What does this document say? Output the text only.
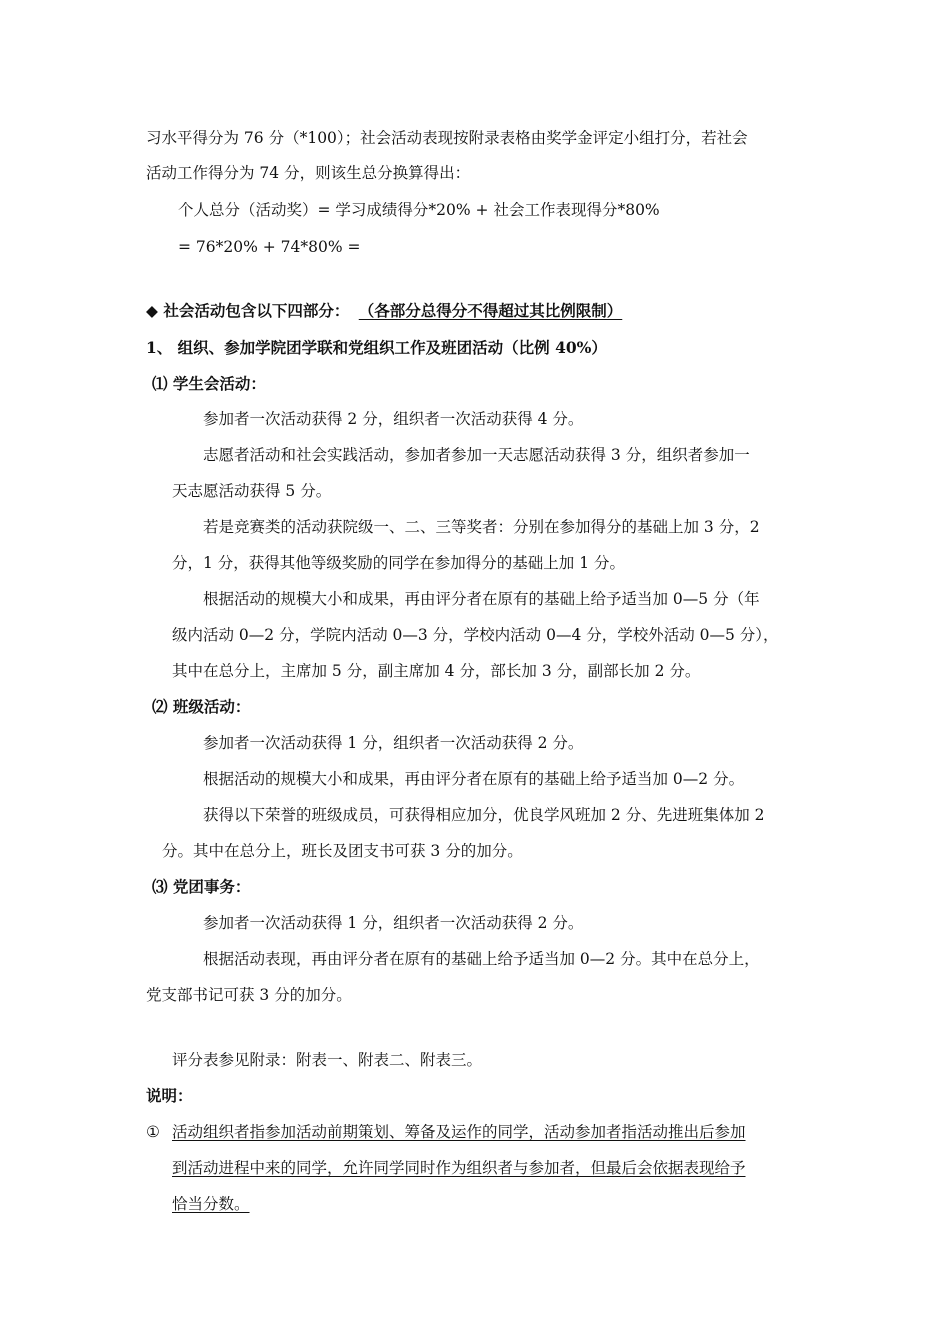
习水平得分为 76 分（*100）；社会活动表现按附录表格由奖学金评定小组打分，若社会
活动工作得分为 74 分，则该生总分换算得出：
个人总分（活动奖）= 学习成绩得分*20% + 社会工作表现得分*80%
= 76*20% + 74*80% =
◆ 社会活动包含以下四部分： （各部分总得分不得超过其比例限制）
1、 组织、参加学院团学联和党组织工作及班团活动（比例 40%）
⑴ 学生会活动：
参加者一次活动获得 2 分，组织者一次活动获得 4 分。
志愿者活动和社会实践活动，参加者参加一天志愿活动获得 3 分，组织者参加一
天志愿活动获得 5 分。
若是竞赛类的活动获院级一、二、三等奖者：分别在参加得分的基础上加 3 分，2
分，1 分，获得其他等级奖励的同学在参加得分的基础上加 1 分。
根据活动的规模大小和成果，再由评分者在原有的基础上给予适当加 0—5 分（年
级内活动 0—2 分，学院内活动 0—3 分，学校内活动 0—4 分，学校外活动 0—5 分），
其中在总分上，主席加 5 分，副主席加 4 分，部长加 3 分，副部长加 2 分。
⑵ 班级活动：
参加者一次活动获得 1 分，组织者一次活动获得 2 分。
根据活动的规模大小和成果，再由评分者在原有的基础上给予适当加 0—2 分。
获得以下荣誉的班级成员，可获得相应加分，优良学风班加 2 分、先进班集体加 2
分。其中在总分上，班长及团支书可获 3 分的加分。
⑶ 党团事务：
参加者一次活动获得 1 分，组织者一次活动获得 2 分。
根据活动表现，再由评分者在原有的基础上给予适当加 0—2 分。其中在总分上，
党支部书记可获 3 分的加分。
评分表参见附录：附表一、附表二、附表三。
说明：
① 活动组织者指参加活动前期策划、筹备及运作的同学，活动参加者指活动推出后参加
到活动进程中来的同学，允许同学同时作为组织者与参加者，但最后会依据表现给予
恰当分数。
